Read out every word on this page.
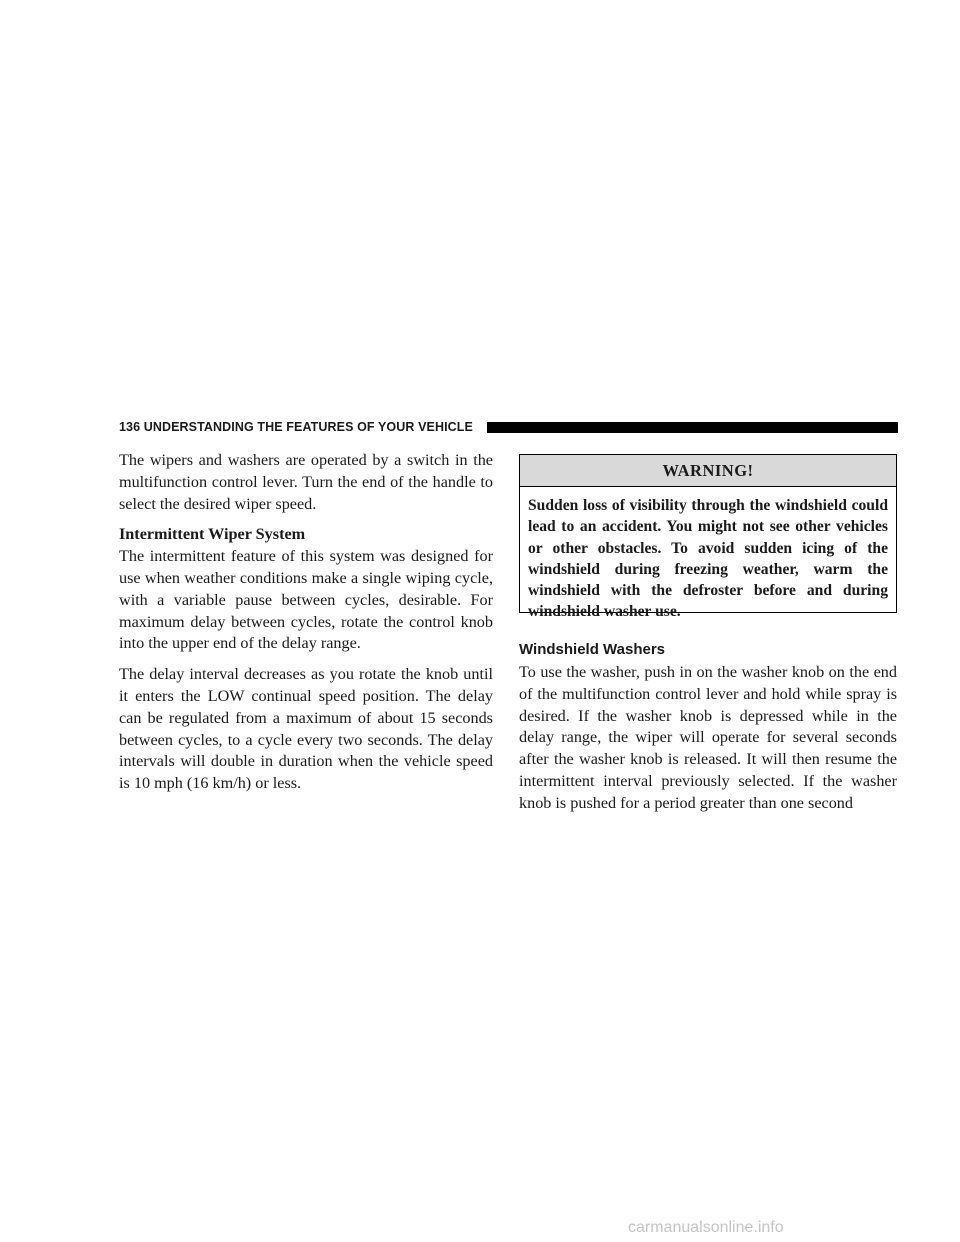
136 UNDERSTANDING THE FEATURES OF YOUR VEHICLE

The wipers and washers are operated by a switch in the multifunction control lever. Turn the end of the handle to select the desired wiper speed.

Intermittent Wiper System

The intermittent feature of this system was designed for use when weather conditions make a single wiping cycle, with a variable pause between cycles, desirable. For maximum delay between cycles, rotate the control knob into the upper end of the delay range.

The delay interval decreases as you rotate the knob until it enters the LOW continual speed position. The delay can be regulated from a maximum of about 15 seconds between cycles, to a cycle every two seconds. The delay intervals will double in duration when the vehicle speed is 10 mph (16 km/h) or less.

WARNING!
Sudden loss of visibility through the windshield could lead to an accident. You might not see other vehicles or other obstacles. To avoid sudden icing of the windshield during freezing weather, warm the windshield with the defroster before and during windshield washer use.
Windshield Washers

To use the washer, push in on the washer knob on the end of the multifunction control lever and hold while spray is desired. If the washer knob is depressed while in the delay range, the wiper will operate for several seconds after the washer knob is released. It will then resume the intermittent interval previously selected. If the washer knob is pushed for a period greater than one second

carmanualsonline.info
